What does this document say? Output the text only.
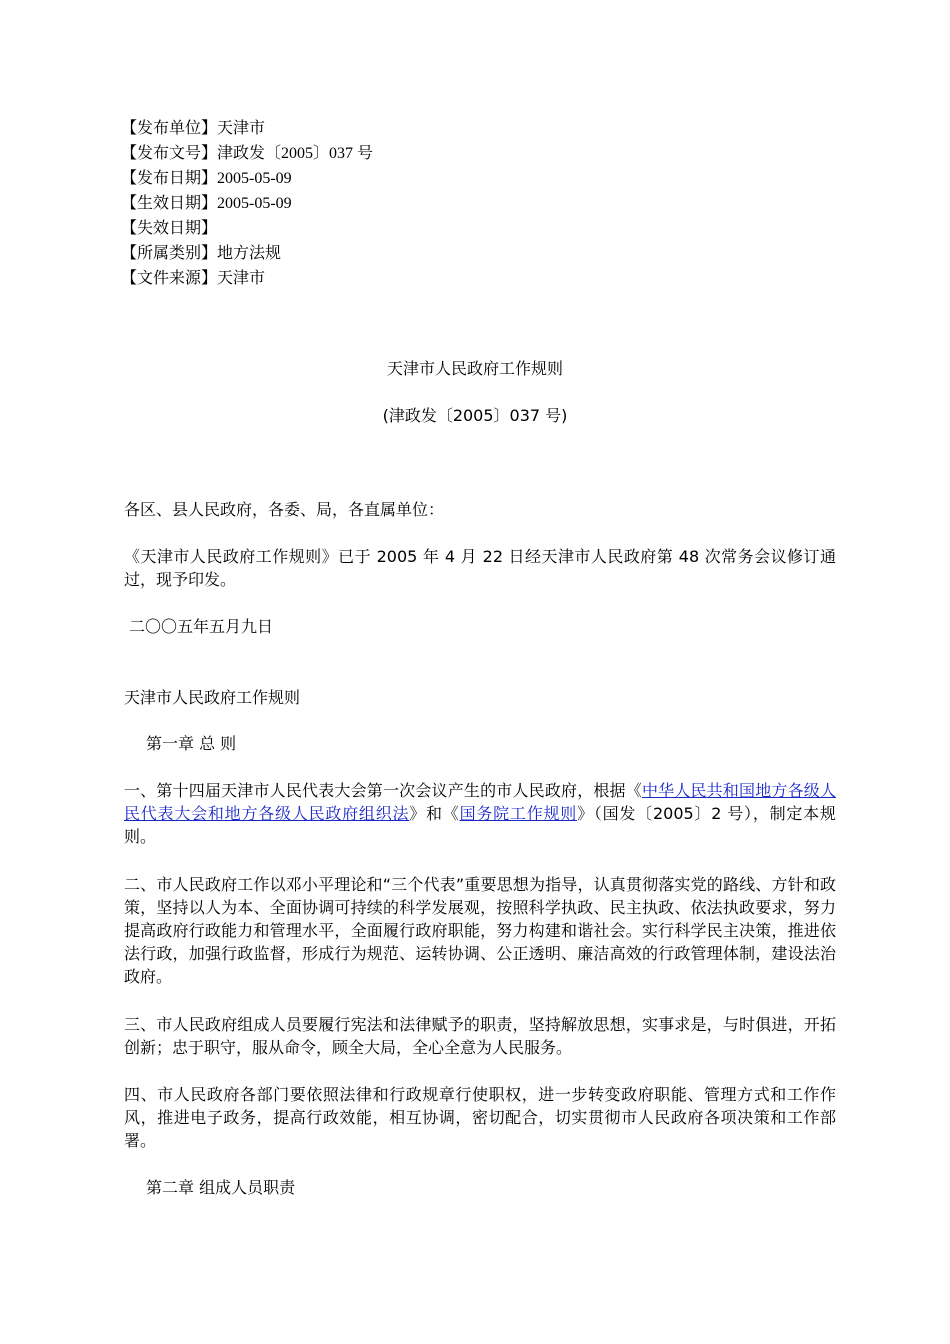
【发布单位】天津市
【发布文号】津政发〔2005〕037 号
【发布日期】2005-05-09
【生效日期】2005-05-09
【失效日期】
【所属类别】地方法规
【文件来源】天津市
天津市人民政府工作规则
(津政发〔2005〕037 号)
各区、县人民政府，各委、局，各直属单位：
《天津市人民政府工作规则》已于 2005 年 4 月 22 日经天津市人民政府第 48 次常务会议修订通过，现予印发。
二〇〇五年五月九日
天津市人民政府工作规则
第一章 总 则
一、第十四届天津市人民代表大会第一次会议产生的市人民政府，根据《中华人民共和国地方各级人民代表大会和地方各级人民政府组织法》和《国务院工作规则》（国发〔2005〕2 号），制定本规则。
二、市人民政府工作以邓小平理论和“三个代表”重要思想为指导，认真贯彻落实党的路线、方针和政策，坚持以人为本、全面协调可持续的科学发展观，按照科学执政、民主执政、依法执政要求，努力提高政府行政能力和管理水平，全面履行政府职能，努力构建和谐社会。实行科学民主决策，推进依法行政，加强行政监督，形成行为规范、运转协调、公正透明、廉洁高效的行政管理体制，建设法治政府。
三、市人民政府组成人员要履行宪法和法律赋予的职责，坚持解放思想，实事求是，与时俱进，开拓创新；忠于职守，服从命令，顾全大局，全心全意为人民服务。
四、市人民政府各部门要依照法律和行政规章行使职权，进一步转变政府职能、管理方式和工作作风，推进电子政务，提高行政效能，相互协调，密切配合，切实贯彻市人民政府各项决策和工作部署。
第二章 组成人员职责
